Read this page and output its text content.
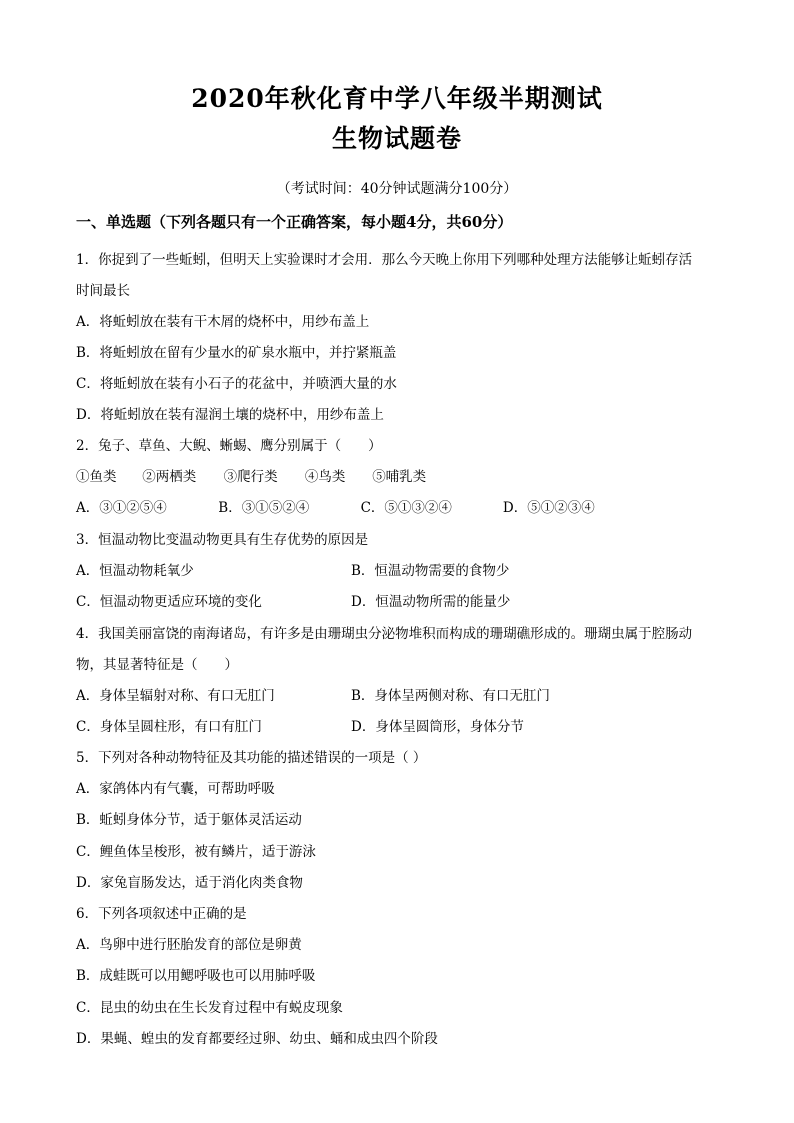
2020年秋化育中学八年级半期测试
生物试题卷
（考试时间：40分钟试题满分100分）
一、单选题（下列各题只有一个正确答案，每小题4分，共60分）
1．你捉到了一些蚯蚓，但明天上实验课时才会用．那么今天晚上你用下列哪种处理方法能够让蚯蚓存活
时间最长
A．将蚯蚓放在装有干木屑的烧杯中，用纱布盖上
B．将蚯蚓放在留有少量水的矿泉水瓶中，并拧紧瓶盖
C．将蚯蚓放在装有小石子的花盆中，并喷洒大量的水
D．将蚯蚓放在装有湿润土壤的烧杯中，用纱布盖上
2．兔子、草鱼、大鲵、蜥蜴、鹰分别属于（　　）
①鱼类 ②两栖类 ③爬行类 ④鸟类 ⑤哺乳类
A．③①②⑤④	B．③①⑤②④	C．⑤①③②④	D．⑤①②③④
3．恒温动物比变温动物更具有生存优势的原因是
A．恒温动物耗氧少	B．恒温动物需要的食物少
C．恒温动物更适应环境的变化	D．恒温动物所需的能量少
4．我国美丽富饶的南海诸岛，有许多是由珊瑚虫分泌物堆积而构成的珊瑚礁形成的。珊瑚虫属于腔肠动
物，其显著特征是（　　）
A．身体呈辐射对称、有口无肛门	B．身体呈两侧对称、有口无肛门
C．身体呈圆柱形，有口有肛门	D．身体呈圆筒形，身体分节
5．下列对各种动物特征及其功能的描述错误的一项是（ ）
A．家鸽体内有气囊，可帮助呼吸
B．蚯蚓身体分节，适于躯体灵活运动
C．鲤鱼体呈梭形，被有鳞片，适于游泳
D．家兔盲肠发达，适于消化肉类食物
6．下列各项叙述中正确的是
A．鸟卵中进行胚胎发育的部位是卵黄
B．成蛙既可以用鳃呼吸也可以用肺呼吸
C．昆虫的幼虫在生长发育过程中有蜕皮现象
D．果蝇、蝗虫的发育都要经过卵、幼虫、蛹和成虫四个阶段
